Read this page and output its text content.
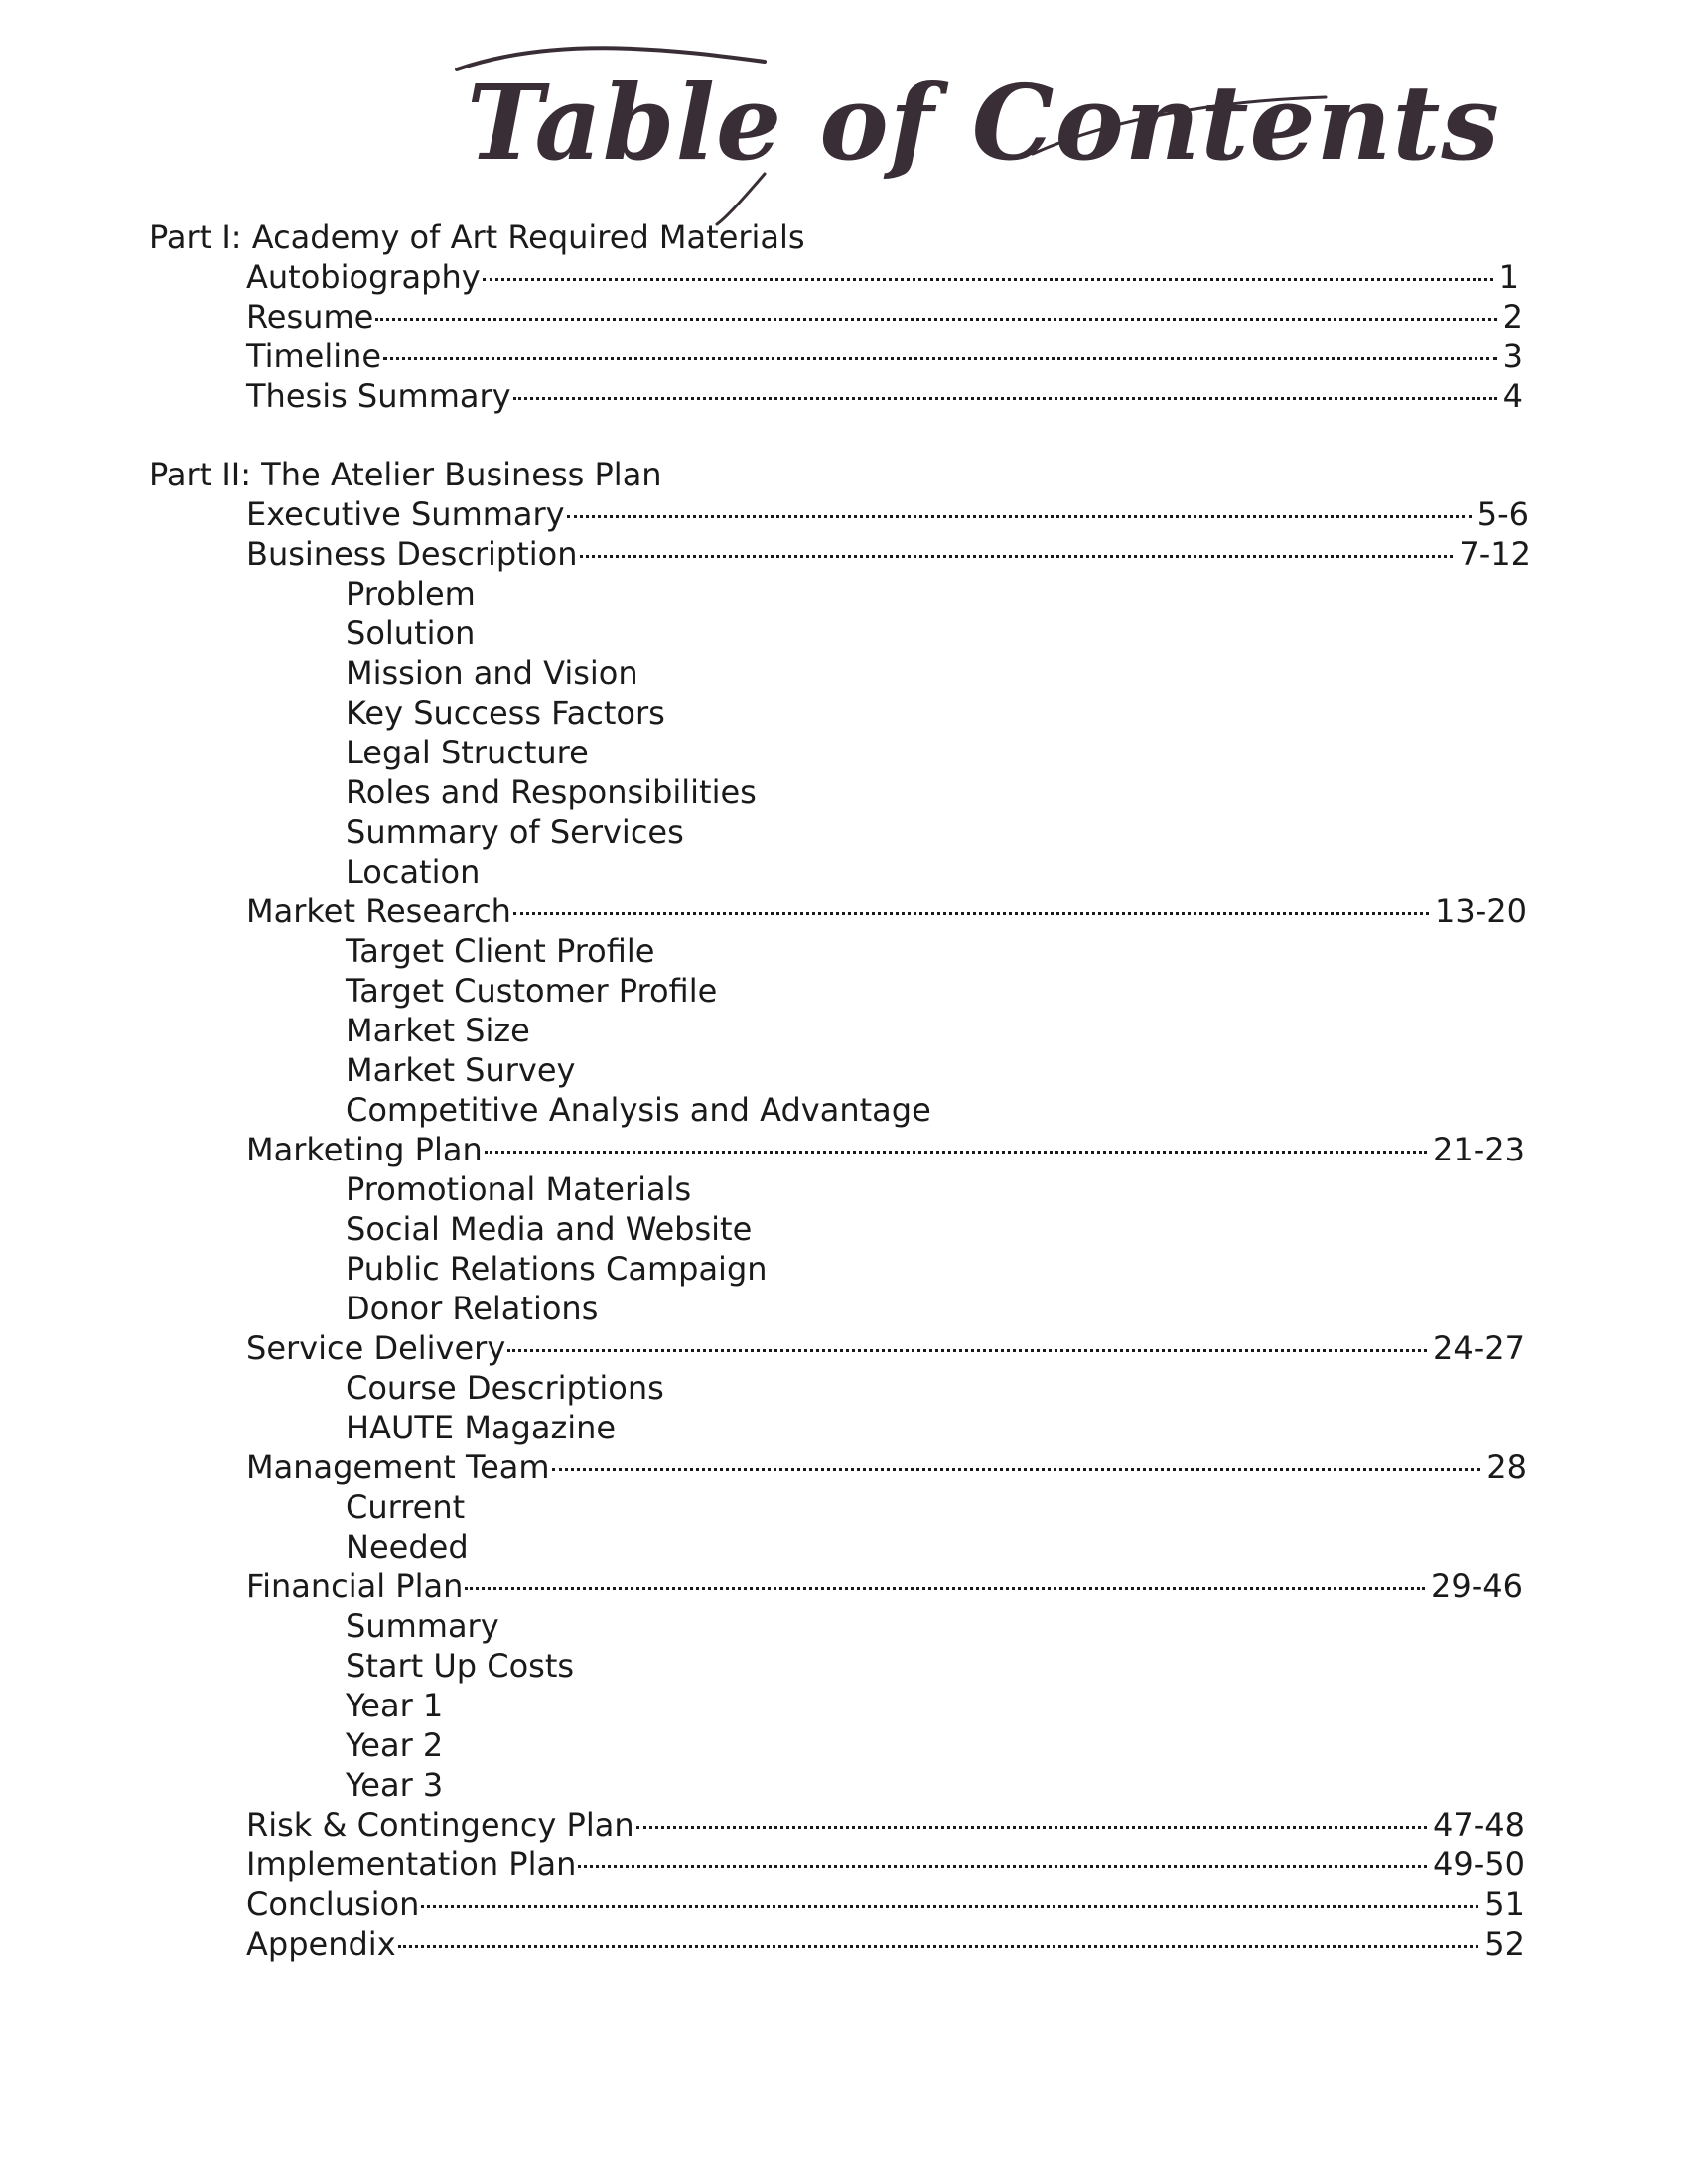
Table of Contents
Part I: Academy of Art Required Materials
Autobiography	1
Resume	2
Timeline	3
Thesis Summary	4
Part II: The Atelier Business Plan
Executive Summary	5-6
Business Description	7-12
Problem
Solution
Mission and Vision
Key Success Factors
Legal Structure
Roles and Responsibilities
Summary of Services
Location
Market Research	13-20
Target Client Profile
Target Customer Profile
Market Size
Market Survey
Competitive Analysis and Advantage
Marketing Plan	21-23
Promotional Materials
Social Media and Website
Public Relations Campaign
Donor Relations
Service Delivery	24-27
Course Descriptions
HAUTE Magazine
Management Team	28
Current
Needed
Financial Plan	29-46
Summary
Start Up Costs
Year 1
Year 2
Year 3
Risk & Contingency Plan	47-48
Implementation Plan	49-50
Conclusion	51
Appendix	52
